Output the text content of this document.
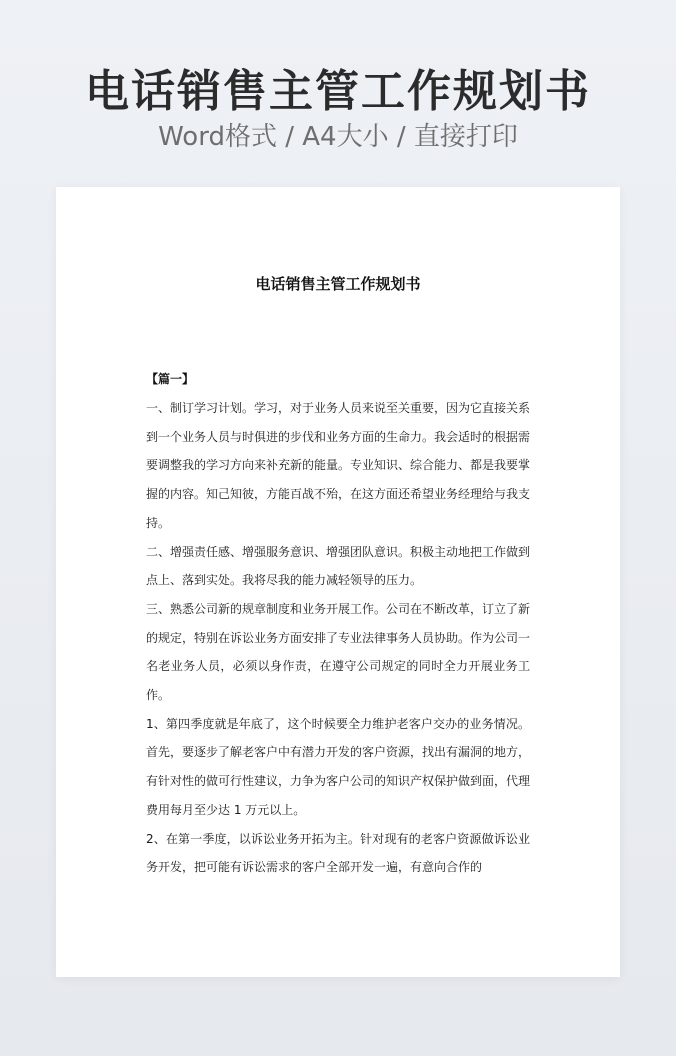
电话销售主管工作规划书
Word格式 / A4大小 / 直接打印
电话销售主管工作规划书

【篇一】

一、制订学习计划。学习，对于业务人员来说至关重要，因为它直接关系到一个业务人员与时俱进的步伐和业务方面的生命力。我会适时的根据需要调整我的学习方向来补充新的能量。专业知识、综合能力、都是我要掌握的内容。知己知彼，方能百战不殆，在这方面还希望业务经理给与我支持。

二、增强责任感、增强服务意识、增强团队意识。积极主动地把工作做到点上、落到实处。我将尽我的能力减轻领导的压力。

三、熟悉公司新的规章制度和业务开展工作。公司在不断改革，订立了新的规定，特别在诉讼业务方面安排了专业法律事务人员协助。作为公司一名老业务人员，必须以身作责，在遵守公司规定的同时全力开展业务工作。

1、第四季度就是年底了，这个时候要全力维护老客户交办的业务情况。首先，要逐步了解老客户中有潜力开发的客户资源，找出有漏洞的地方，有针对性的做可行性建议，力争为客户公司的知识产权保护做到面，代理费用每月至少达 1 万元以上。

2、在第一季度，以诉讼业务开拓为主。针对现有的老客户资源做诉讼业务开发，把可能有诉讼需求的客户全部开发一遍，有意向合作的
